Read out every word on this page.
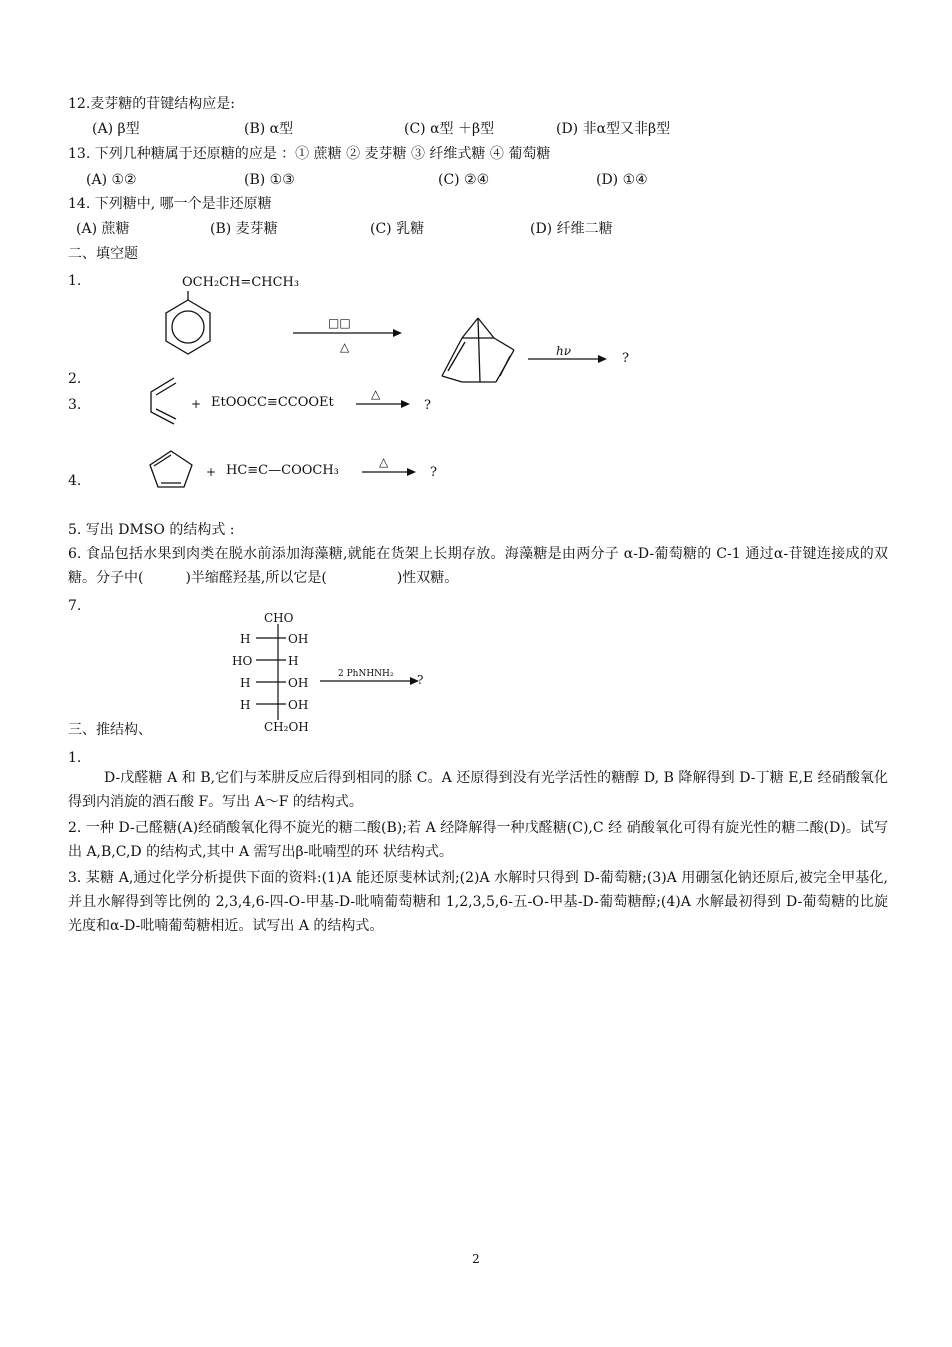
12.麦芽糖的苷键结构应是:
(A) β型	(B) α型	(C) α型 ＋β型	(D) 非α型又非β型
13. 下列几种糖属于还原糖的应是 ：① 蔗糖 ② 麦芽糖 ③ 纤维式糖 ④ 葡萄糖
(A) ①②	(B) ①③	(C) ②④	(D) ①④
14. 下列糖中, 哪一个是非还原糖
(A) 蔗糖	(B) 麦芽糖	(C) 乳糖	(D) 纤维二糖
二、填空题
1.	OCH₂CH=CHCH₃
□□
△	hν	?
2.
3.	+ EtOOCC≡CCOOEt
△
?
4.
+ HC≡C—COOCH₃
△
?
5. 写出 DMSO 的结构式 :
6. 食品包括水果到肉类在脱水前添加海藻糖,就能在货架上长期存放。海藻糖是由两分子 α-D-葡萄糖的 C-1 通过α-苷键连接成的双糖。分子中(　　　)半缩醛羟基,所以它是(　　　　　)性双糖。
7.
CHO
H	OH
HO	H
H	OH
H	OH
CH₂OH
2 PhNHNH₂ ?
三、推结构、
1.
D-戊醛糖 A 和 B,它们与苯肼反应后得到相同的脎 C。A 还原得到没有光学活性的糖醇 D, B 降解得到 D-丁糖 E,E 经硝酸氧化得到内消旋的酒石酸 F。写出 A～F 的结构式。
2. 一种 D-己醛糖(A)经硝酸氧化得不旋光的糖二酸(B);若 A 经降解得一种戊醛糖(C),C 经 硝酸氧化可得有旋光性的糖二酸(D)。试写出 A,B,C,D 的结构式,其中 A 需写出β-吡喃型的环 状结构式。
3. 某糖 A,通过化学分析提供下面的资料:(1)A 能还原斐林试剂;(2)A 水解时只得到 D-葡萄糖;(3)A 用硼氢化钠还原后,被完全甲基化,并且水解得到等比例的 2,3,4,6-四-O-甲基-D-吡喃葡萄糖和 1,2,3,5,6-五-O-甲基-D-葡萄糖醇;(4)A 水解最初得到 D-葡萄糖的比旋光度和α-D-吡喃葡萄糖相近。试写出 A 的结构式。
2
